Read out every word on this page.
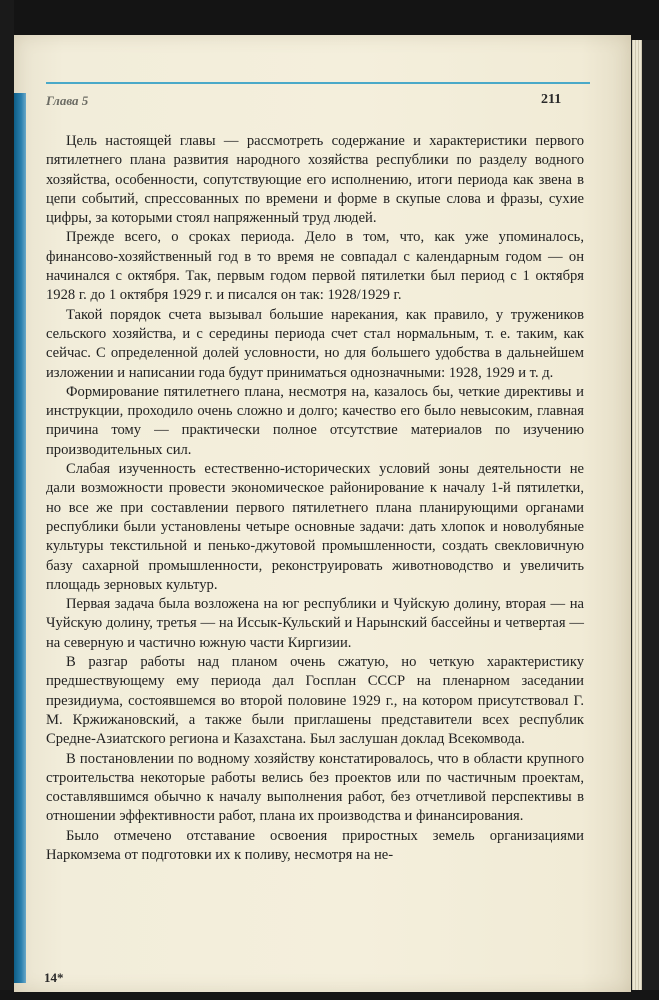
Глава 5	211

Цель настоящей главы — рассмотреть содержание и характеристики первого пятилетнего плана развития народного хозяйства республики по разделу водного хозяйства, особенности, сопутствующие его исполнению, итоги периода как звена в цепи событий, спрессованных по времени и форме в скупые слова и фразы, сухие цифры, за которыми стоял напряженный труд людей.

Прежде всего, о сроках периода. Дело в том, что, как уже упоминалось, финансово-хозяйственный год в то время не совпадал с календарным годом — он начинался с октября. Так, первым годом первой пятилетки был период с 1 октября 1928 г. до 1 октября 1929 г. и писался он так: 1928/1929 г.

Такой порядок счета вызывал большие нарекания, как правило, у тружеников сельского хозяйства, и с середины периода счет стал нормальным, т. е. таким, как сейчас. С определенной долей условности, но для большего удобства в дальнейшем изложении и написании года будут приниматься однозначными: 1928, 1929 и т. д.

Формирование пятилетнего плана, несмотря на, казалось бы, четкие директивы и инструкции, проходило очень сложно и долго; качество его было невысоким, главная причина тому — практически полное отсутствие материалов по изучению производительных сил.

Слабая изученность естественно-исторических условий зоны деятельности не дали возможности провести экономическое районирование к началу 1-й пятилетки, но все же при составлении первого пятилетнего плана планирующими органами республики были установлены четыре основные задачи: дать хлопок и новолубяные культуры текстильной и пенько-джутовой промышленности, создать свекловичную базу сахарной промышленности, реконструировать животноводство и увеличить площадь зерновых культур.

Первая задача была возложена на юг республики и Чуйскую долину, вторая — на Чуйскую долину, третья — на Иссык-Кульский и Нарынский бассейны и четвертая — на северную и частично южную части Киргизии.

В разгар работы над планом очень сжатую, но четкую характеристику предшествующему ему периода дал Госплан СССР на пленарном заседании президиума, состоявшемся во второй половине 1929 г., на котором присутствовал Г. М. Кржижановский, а также были приглашены представители всех республик Средне-Азиатского региона и Казахстана. Был заслушан доклад Всекомвода.

В постановлении по водному хозяйству констатировалось, что в области крупного строительства некоторые работы велись без проектов или по частичным проектам, составлявшимся обычно к началу выполнения работ, без отчетливой перспективы в отношении эффективности работ, плана их производства и финансирования.

Было отмечено отставание освоения приростных земель организациями Наркомзема от подготовки их к поливу, несмотря на не-

14*
